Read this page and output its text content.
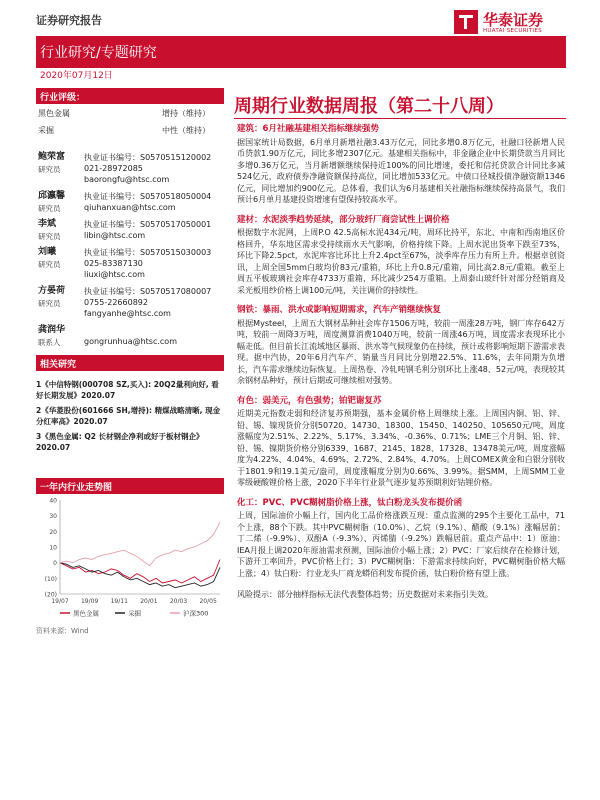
证券研究报告	华泰证券
HUATAI SECURITIES
行业研究/专题研究
2020年07月12日
行业评级：
黑色金属	增持（维持）
采掘	中性（维持）
鲍荣富
研究员
执业证书编号：S0570515120002
021-28972085
baorongfu@htsc.com
邱瀛馨
研究员
执业证书编号：S0570518050004
qiuhanxuan@htsc.com
李斌
研究员
执业证书编号：S0570517050001
libin@htsc.com
刘曦
研究员
执业证书编号：S0570515030003
025-83387130
liuxi@htsc.com
方晏荷
研究员
执业证书编号：S0570517080007
0755-22660892
fangyanhe@htsc.com
龚润华
联系人	gongrunhua@htsc.com
相关研究

1《中信特钢(000708 SZ,买入): 20Q2量利向好, 看好长期发展》2020.07

2《华菱股份(601666 SH,增持): 精煤战略清晰, 现金分红率高》2020.07

3《黑色金属: Q2 长材钢企净利或好于板材钢企》2020.07

一年内行业走势图
(20)
(10)
0
10
20
30
40
19/07 19/09 19/11 20/01 20/03 20/05
黑色金属	采掘	沪深300
资料来源：Wind
周期行业数据周报（第二十八周）
建筑：6月社融基建相关指标继续强势
据国家统计局数据，6月单月新增社融3.43万亿元，同比多增0.8万亿元，社融口径新增人民币贷款1.90万亿元，同比多增2307亿元。基建相关指标中，非金融企业中长期贷款当月同比多增0.36万亿元，当月新增额继续保持近100%的同比增速，委托和信托贷款合计同比多减524亿元，政府债券净融资额保持高位，同比增加533亿元。中债口径城投债净融资额1346亿元，同比增加约900亿元。总体看，我们认为6月基建相关社融指标继续保持高景气，我们预计6月单月基建投资增速有望保持较高水平。
建材：水泥淡季趋势延续，部分玻纤厂商尝试性上调价格
根据数字水泥网，上周P.O 42.5高标水泥434元/吨，周环比持平，东北、中南和西南地区价格回升，华东地区需求受持续雨水天气影响，价格持续下降。上周水泥出货率下跌至73%，环比下降2.5pct，水泥库容比环比上升2.4pct至67%，淡季库存压力有所上升。根据卓创资讯，上周全国5mm白玻均价83元/重箱，环比上升0.8元/重箱，同比高2.8元/重箱。截至上周五平板玻璃社会库存4733万重箱，环比减少254万重箱。上周泰山玻纤针对部分经销商及采光板用纱价格上调100元/吨，关注调价的持续性。
钢铁：暴雨、洪水或影响短期需求，汽车产销继续恢复
根据Mysteel，上周五大钢材品种社会库存1506万吨，较前一周涨28万吨，钢厂库存642万吨，较前一周降3万吨，周度测算消费1040万吨，较前一周涨46万吨，周度需求表现环比小幅走低。但目前长江流域地区暴雨、洪水等气候现象仍在持续，预计或将影响短期下游需求表现。据中汽协，20年6月汽车产、销量当月同比分别增22.5%、11.6%，去年同期为负增长，汽车需求继续边际恢复。上周热卷、冷轧吨钢毛利分别环比上涨48、52元/吨，表现较其余钢材品种好，预计后期或可继续相对强势。
有色：弱美元，有色强势；铂钯谢复苏
近期美元指数走弱和经济复苏预期强，基本金属价格上周继续上涨。上周国内铜、铝、锌、铅、锡、镍现货价分别50720、14730、18300、15450、140250、105650元/吨，周度涨幅度为2.51%、2.22%、5.17%、3.34%、-0.36%、0.71%；LME三个月铜、铝、锌、铅、锡、镍期货价格分别6339、1687、2145、1828、17328、13478美元/吨，周度涨幅度为4.22%、4.04%、4.69%、2.72%、2.84%、4.70%。上周COMEX黄金和白银分别收于1801.9和19.1美元/盎司，周度涨幅度分别为0.66%、3.99%。据SMM，上周SMM工业零级硬酸锂价格上涨，2020下半年行业景气逐步复苏预期利好钴锂价格。
化工：PVC、PVC糊树脂价格上涨，钛白粉龙头发布提价函
上周，国际油价小幅上行，国内化工品价格涨跌互现：重点监测的295个主要化工品中，71个上涨，88个下跌。其中PVC糊树脂（10.0%）、乙烷（9.1%）、醋酸（9.1%）涨幅居前；丁二烯（-9.9%）、双酚A（-9.3%）、丙烯腈（-9.2%）跌幅居前。重点产品中：1）原油：IEA月报上调2020年原油需求预测，国际油价小幅上涨；2）PVC：厂家后续存在检修计划，下游开工率回升，PVC价格上行；3）PVC糊树脂：下游需求持续向好，PVC糊树脂价格大幅上涨；4）钛白粉：行业龙头厂商龙蟒佰利发布提价函，钛白粉价格有望上涨。
风险提示：部分抽样指标无法代表整体趋势；历史数据对未来指引失效。
